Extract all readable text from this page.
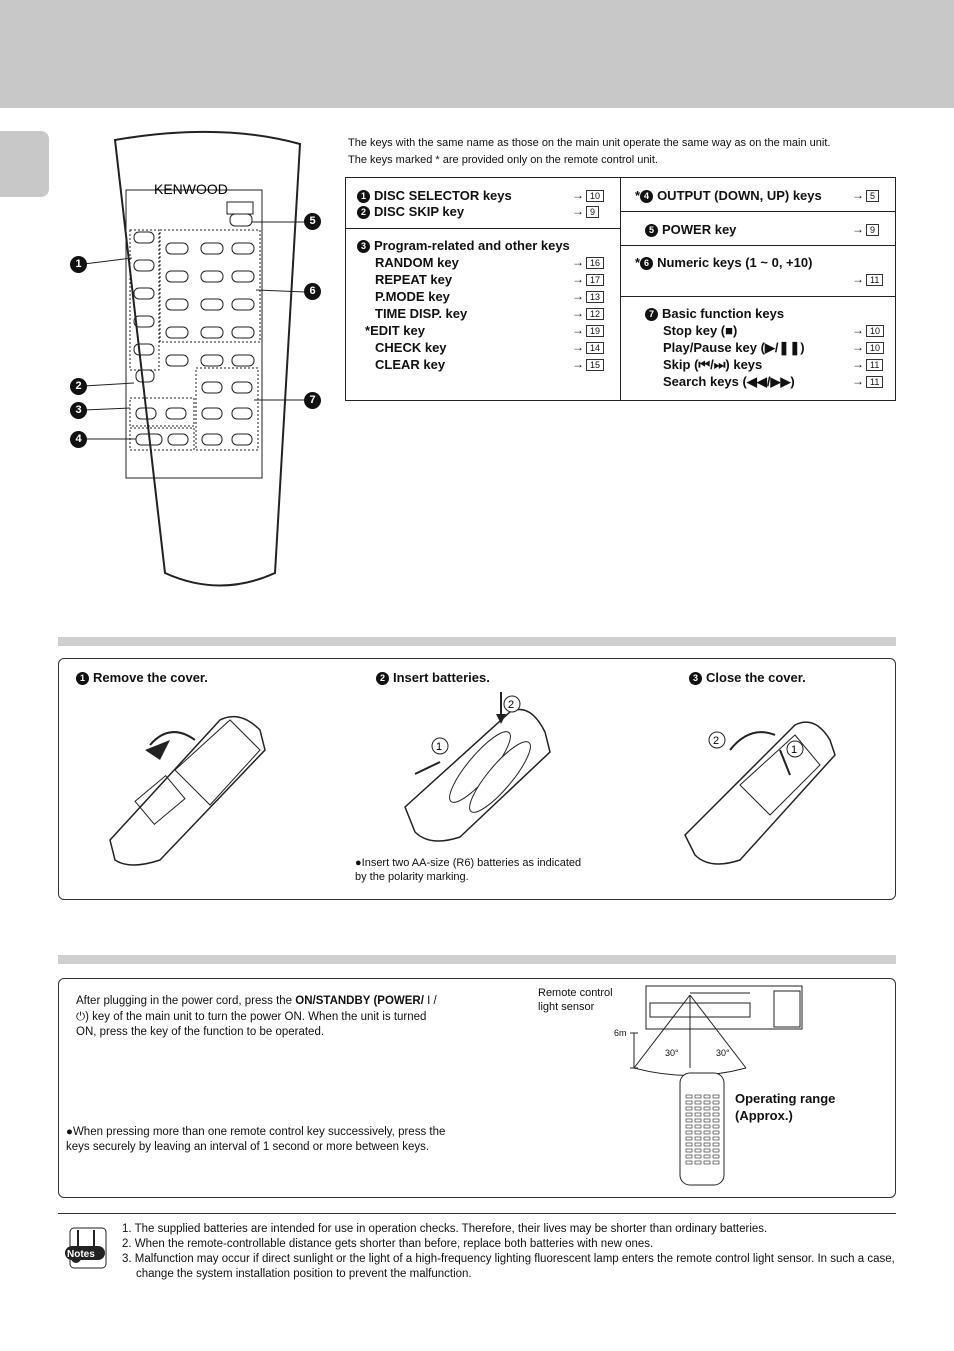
KENWOOD
1
2
3
4
5
6
7
The keys with the same name as those on the main unit operate the same way as on the main unit.
The keys marked * are provided only on the remote control unit.
1 DISC SELECTOR keys	→ 10
2 DISC SKIP key	→ 9
3 Program-related and other keys
RANDOM key	→ 16
REPEAT key	→ 17
P.MODE key	→ 13
TIME DISP. key	→ 12
*EDIT key	→ 19
CHECK key	→ 14
CLEAR key	→ 15
* 4 OUTPUT (DOWN, UP) keys	→ 5
5 POWER key	→ 9
* 6 Numeric keys (1 ~ 0, +10)
→ 11
7 Basic function keys
Stop key (■)	→ 10
Play/Pause key (▶/❚❚)	→ 10
Skip (⏮/⏭) keys	→ 11
Search keys (◀◀/▶▶)	→ 11
1 Remove the cover.	2 Insert batteries.	3 Close the cover.
2
1	2
1
●Insert two AA-size (R6) batteries as indicated by the polarity marking.
After plugging in the power cord, press the ON/STANDBY (POWER/ I / ⏻) key of the main unit to turn the power ON. When the unit is turned ON, press the key of the function to be operated.
●When pressing more than one remote control key successively, press the keys securely by leaving an interval of 1 second or more between keys.
Remote control light sensor
6m
30°	30°
Operating range (Approx.)
Notes
1. The supplied batteries are intended for use in operation checks. Therefore, their lives may be shorter than ordinary batteries.
2. When the remote-controllable distance gets shorter than before, replace both batteries with new ones.
3. Malfunction may occur if direct sunlight or the light of a high-frequency lighting fluorescent lamp enters the remote control light sensor. In such a case, change the system installation position to prevent the malfunction.
